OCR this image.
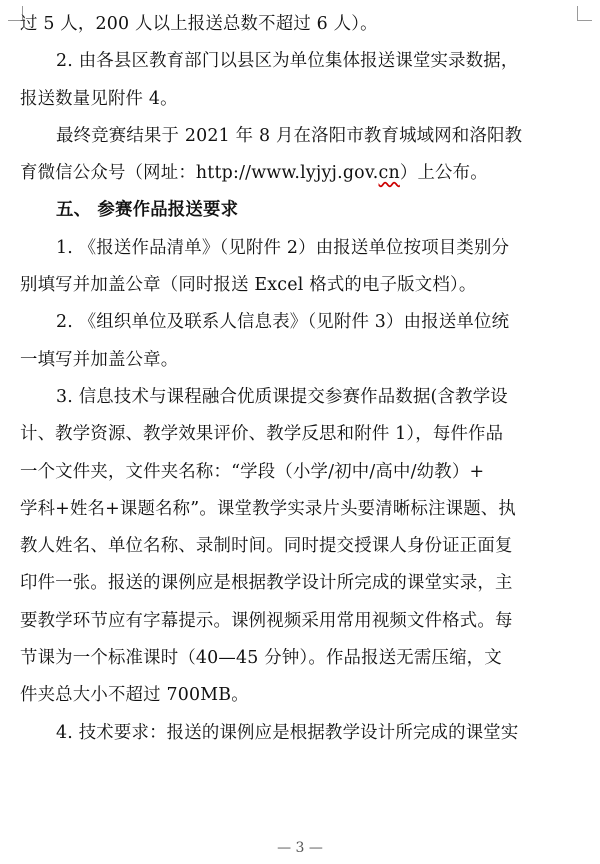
过 5 人，200 人以上报送总数不超过 6 人）。
2. 由各县区教育部门以县区为单位集体报送课堂实录数据，
报送数量见附件 4。
最终竞赛结果于 2021 年 8 月在洛阳市教育城域网和洛阳教
育微信公众号（网址：http://www.lyjyj.gov.cn）上公布。
五、 参赛作品报送要求
1. 《报送作品清单》（见附件 2）由报送单位按项目类别分
别填写并加盖公章（同时报送 Excel 格式的电子版文档）。
2. 《组织单位及联系人信息表》（见附件 3）由报送单位统
一填写并加盖公章。
3. 信息技术与课程融合优质课提交参赛作品数据(含教学设
计、教学资源、教学效果评价、教学反思和附件 1），每件作品
一个文件夹，文件夹名称：“学段（小学/初中/高中/幼教）+
学科+姓名+课题名称”。课堂教学实录片头要清晰标注课题、执
教人姓名、单位名称、录制时间。同时提交授课人身份证正面复
印件一张。报送的课例应是根据教学设计所完成的课堂实录，主
要教学环节应有字幕提示。课例视频采用常用视频文件格式。每
节课为一个标准课时（40—45 分钟）。作品报送无需压缩，文
件夹总大小不超过 700MB。
4. 技术要求：报送的课例应是根据教学设计所完成的课堂实
— 3 —
